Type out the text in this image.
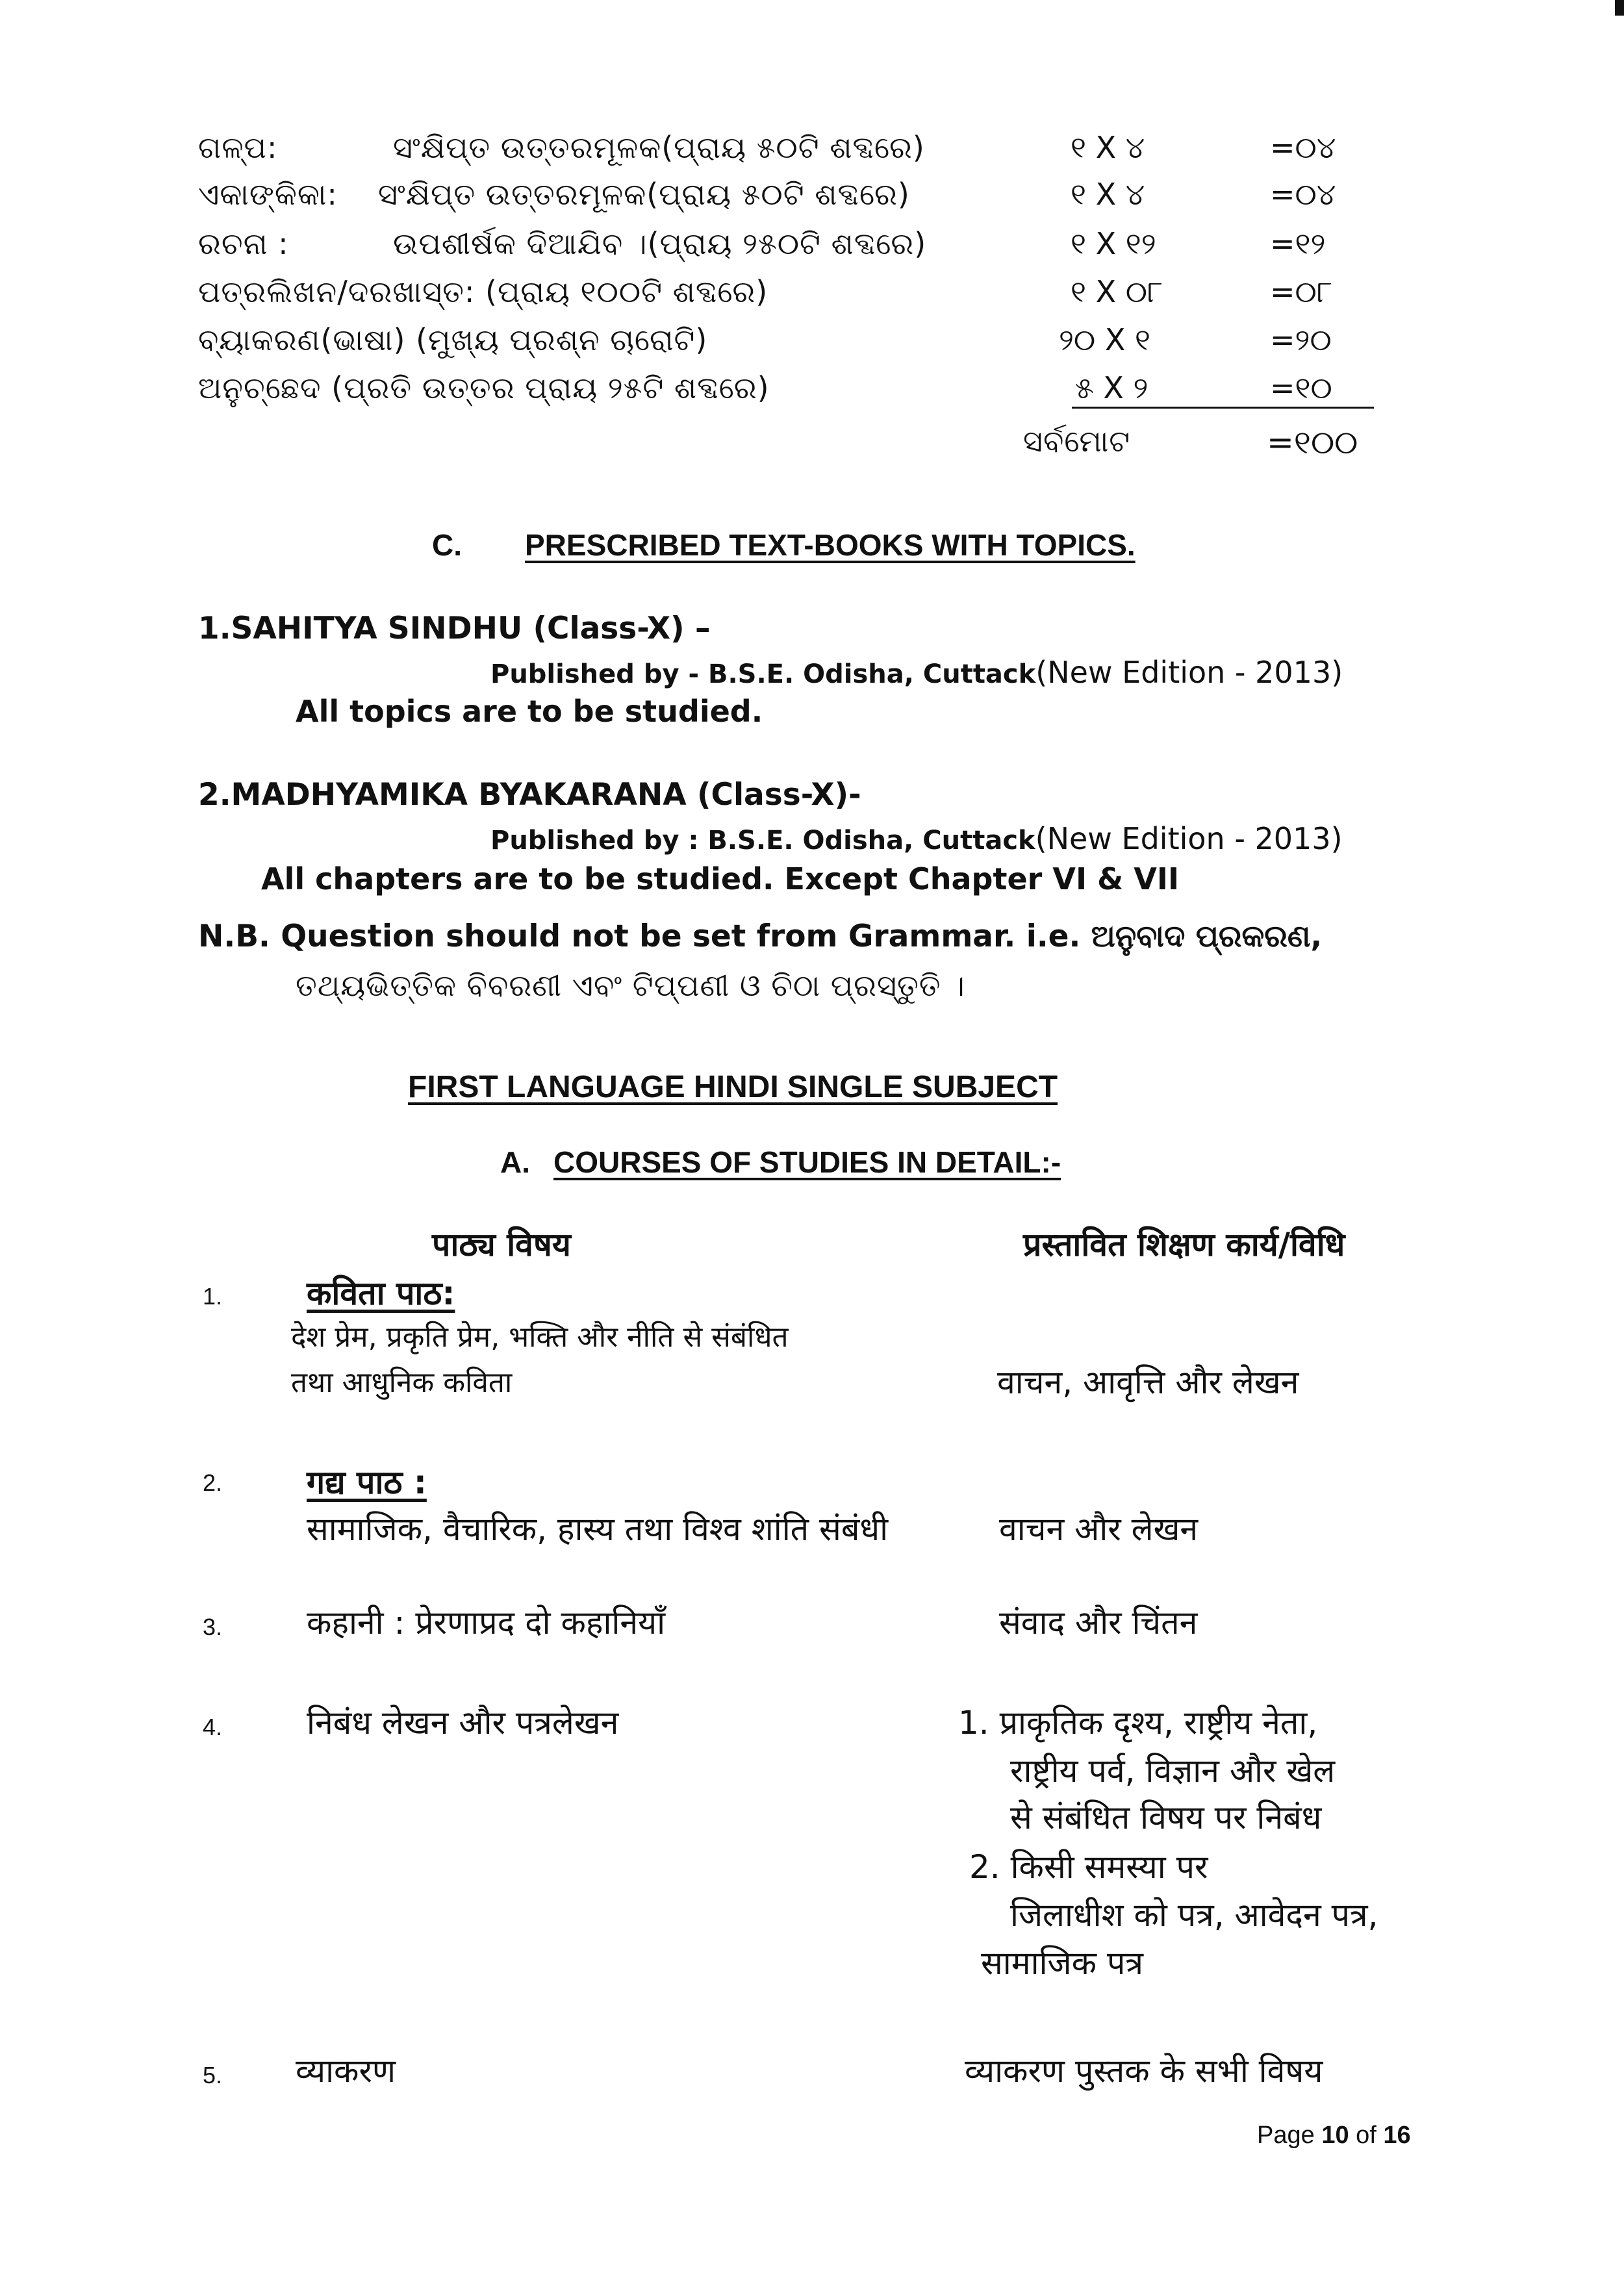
ଗଳ୍ପ:	ସଂକ୍ଷିପ୍ତ ଉତ୍ତରମୂଳକ(ପ୍ରାୟ ୫୦ଟି ଶବ୍ଦରେ)	୧ X ୪	=୦୪
ଏକାଙ୍କିକା: ସଂକ୍ଷିପ୍ତ ଉତ୍ତରମୂଳକ(ପ୍ରାୟ ୫୦ଟି ଶବ୍ଦରେ)	୧ X ୪	=୦୪
ରଚନା :	ଉପଶୀର୍ଷକ ଦିଆଯିବ ।(ପ୍ରାୟ ୨୫୦ଟି ଶବ୍ଦରେ)	୧ X ୧୨	=୧୨
ପତ୍ରଲିଖନ/ଦରଖାସ୍ତ: (ପ୍ରାୟ ୧୦୦ଟି ଶବ୍ଦରେ)	୧ X ୦୮	=୦୮
ବ୍ୟାକରଣ(ଭାଷା) (ମୁଖ୍ୟ ପ୍ରଶ୍ନ ଚାରୋଟି)	୨୦ X ୧	=୨୦
ଅନୁଚ୍ଛେଦ (ପ୍ରତି ଉତ୍ତର ପ୍ରାୟ ୨୫ଟି ଶବ୍ଦରେ)	୫ X ୨	=୧୦
ସର୍ବମୋଟ	=୧୦୦
C. PRESCRIBED TEXT-BOOKS WITH TOPICS.
1.SAHITYA SINDHU (Class-X) –
Published by - B.S.E. Odisha, Cuttack(New Edition - 2013)
All topics are to be studied.
2.MADHYAMIKA BYAKARANA (Class-X)-
Published by : B.S.E. Odisha, Cuttack(New Edition - 2013)
All chapters are to be studied. Except Chapter VI & VII
N.B. Question should not be set from Grammar. i.e. ଅନୁବାଦ ପ୍ରକରଣ,
ତଥ୍ୟଭିତ୍ତିକ ବିବରଣୀ ଏବଂ ଟିପ୍ପଣୀ ଓ ଚିଠା ପ୍ରସ୍ତୁତି ।
FIRST LANGUAGE HINDI SINGLE SUBJECT
A. COURSES OF STUDIES IN DETAIL:-
पाठ्य विषय	प्रस्तावित शिक्षण कार्य/विधि
1.	कविता पाठ:
देश प्रेम, प्रकृति प्रेम, भक्ति और नीति से संबंधित
तथा आधुनिक कविता	वाचन, आवृत्ति और लेखन
2.	गद्य पाठ :
सामाजिक, वैचारिक, हास्य तथा विश्व शांति संबंधी	वाचन और लेखन
3.	कहानी : प्रेरणाप्रद दो कहानियाँ	संवाद और चिंतन
4.	निबंध लेखन और पत्रलेखन	1. प्राकृतिक दृश्य, राष्ट्रीय नेता,
राष्ट्रीय पर्व, विज्ञान और खेल
से संबंधित विषय पर निबंध
2. किसी समस्या पर
जिलाधीश को पत्र, आवेदन पत्र,
सामाजिक पत्र
5. व्याकरण	व्याकरण पुस्तक के सभी विषय
Page 10 of 16
